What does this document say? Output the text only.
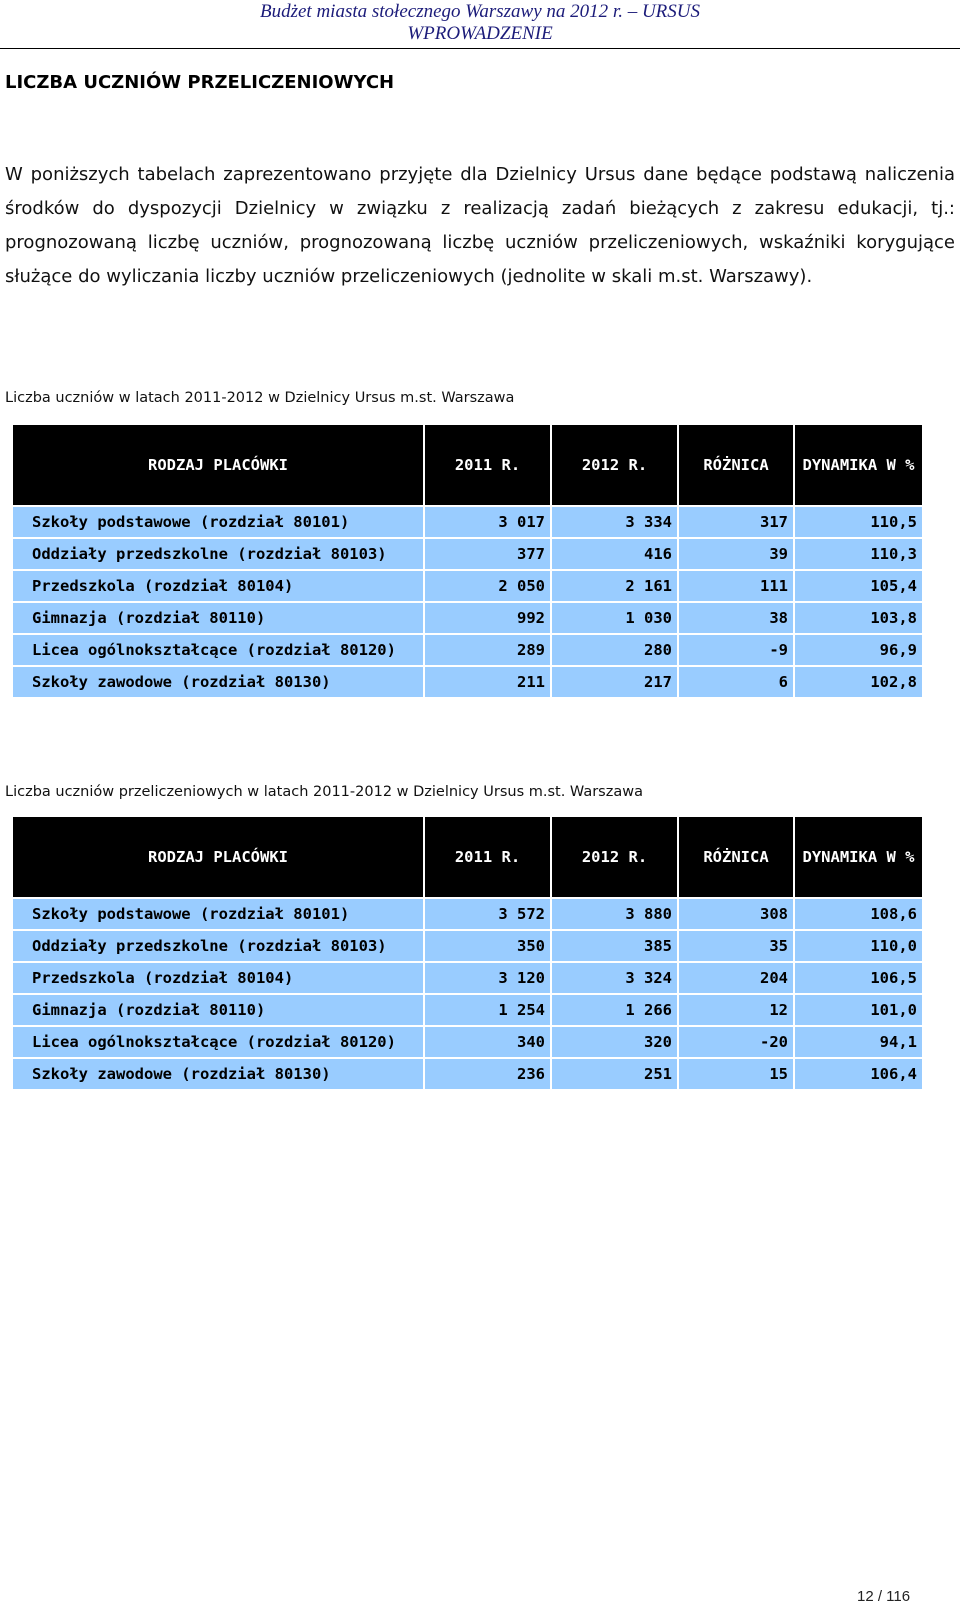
Budżet miasta stołecznego Warszawy na 2012 r. – URSUS
WPROWADZENIE
LICZBA UCZNIÓW PRZELICZENIOWYCH
W poniższych tabelach zaprezentowano przyjęte dla Dzielnicy Ursus dane będące podstawą naliczenia środków do dyspozycji Dzielnicy w związku z realizacją zadań bieżących z zakresu edukacji, tj.: prognozowaną liczbę uczniów, prognozowaną liczbę uczniów przeliczeniowych, wskaźniki korygujące służące do wyliczania liczby uczniów przeliczeniowych (jednolite w skali m.st. Warszawy).
Liczba uczniów w latach 2011-2012 w Dzielnicy Ursus m.st. Warszawa
RODZAJ PLACÓWKI	2011 R.	2012 R.	RÓŻNICA	DYNAMIKA W %
Szkoły podstawowe (rozdział 80101)	3 017	3 334	317	110,5
Oddziały przedszkolne (rozdział 80103)	377	416	39	110,3
Przedszkola (rozdział 80104)	2 050	2 161	111	105,4
Gimnazja (rozdział 80110)	992	1 030	38	103,8
Licea ogólnokształcące (rozdział 80120)	289	280	-9	96,9
Szkoły zawodowe (rozdział 80130)	211	217	6	102,8
Liczba uczniów przeliczeniowych w latach 2011-2012 w Dzielnicy Ursus m.st. Warszawa
RODZAJ PLACÓWKI	2011 R.	2012 R.	RÓŻNICA	DYNAMIKA W %
Szkoły podstawowe (rozdział 80101)	3 572	3 880	308	108,6
Oddziały przedszkolne (rozdział 80103)	350	385	35	110,0
Przedszkola (rozdział 80104)	3 120	3 324	204	106,5
Gimnazja (rozdział 80110)	1 254	1 266	12	101,0
Licea ogólnokształcące (rozdział 80120)	340	320	-20	94,1
Szkoły zawodowe (rozdział 80130)	236	251	15	106,4
12 / 116
